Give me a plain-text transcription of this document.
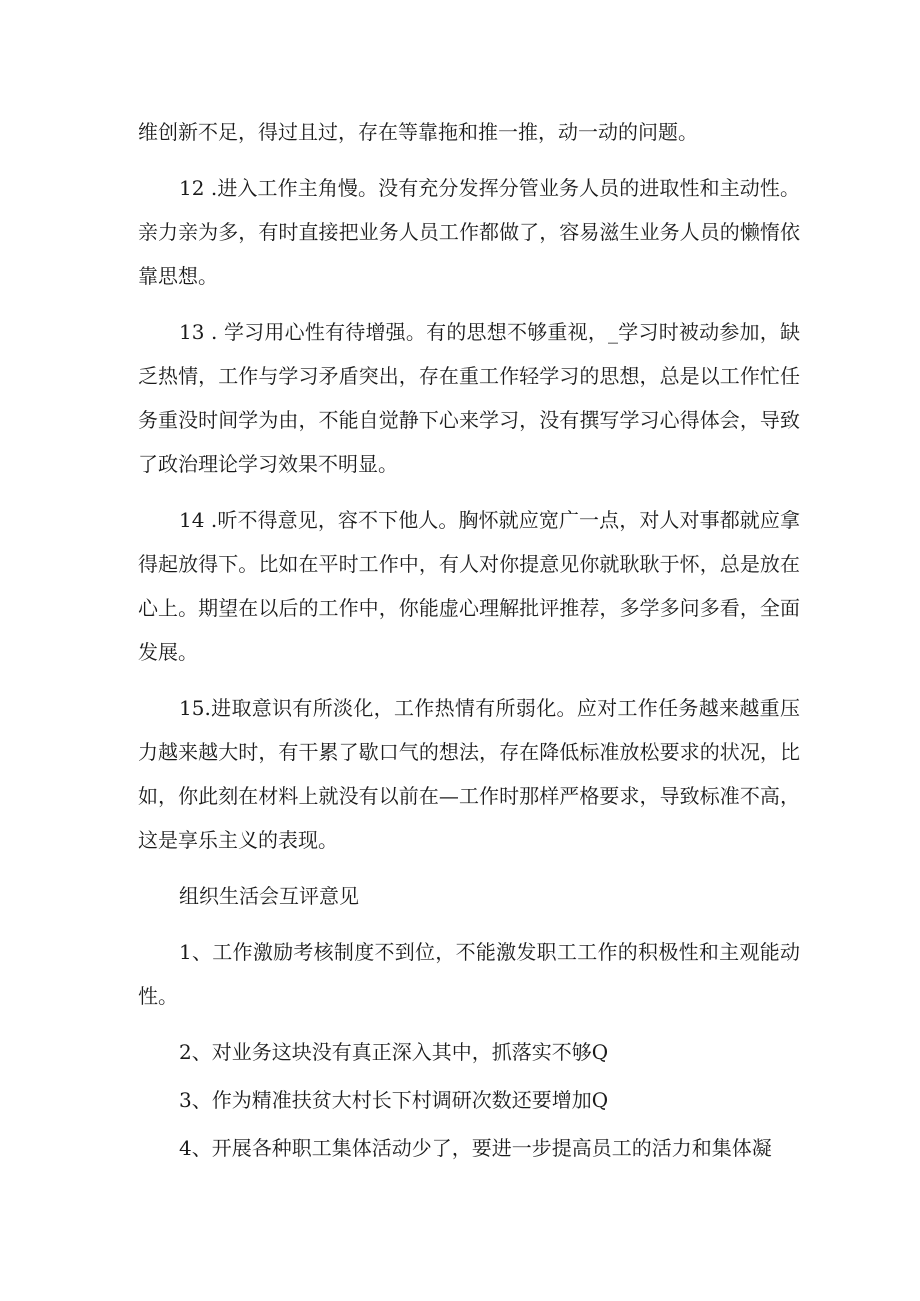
维创新不足，得过且过，存在等靠拖和推一推，动一动的问题。

12 .进入工作主角慢。没有充分发挥分管业务人员的进取性和主动性。亲力亲为多，有时直接把业务人员工作都做了，容易滋生业务人员的懒惰依靠思想。

13 . 学习用心性有待增强。有的思想不够重视，_学习时被动参加，缺乏热情，工作与学习矛盾突出，存在重工作轻学习的思想，总是以工作忙任务重没时间学为由，不能自觉静下心来学习，没有撰写学习心得体会，导致了政治理论学习效果不明显。

14 .听不得意见，容不下他人。胸怀就应宽广一点，对人对事都就应拿得起放得下。比如在平时工作中，有人对你提意见你就耿耿于怀，总是放在心上。期望在以后的工作中，你能虚心理解批评推荐，多学多问多看，全面发展。

15.进取意识有所淡化，工作热情有所弱化。应对工作任务越来越重压力越来越大时，有干累了歇口气的想法，存在降低标准放松要求的状况，比如，你此刻在材料上就没有以前在—工作时那样严格要求，导致标准不高，这是享乐主义的表现。

组织生活会互评意见

1、工作激励考核制度不到位，不能激发职工工作的积极性和主观能动性。

2、对业务这块没有真正深入其中，抓落实不够Q

3、作为精准扶贫大村长下村调研次数还要增加Q

4、开展各种职工集体活动少了，要进一步提高员工的活力和集体凝
